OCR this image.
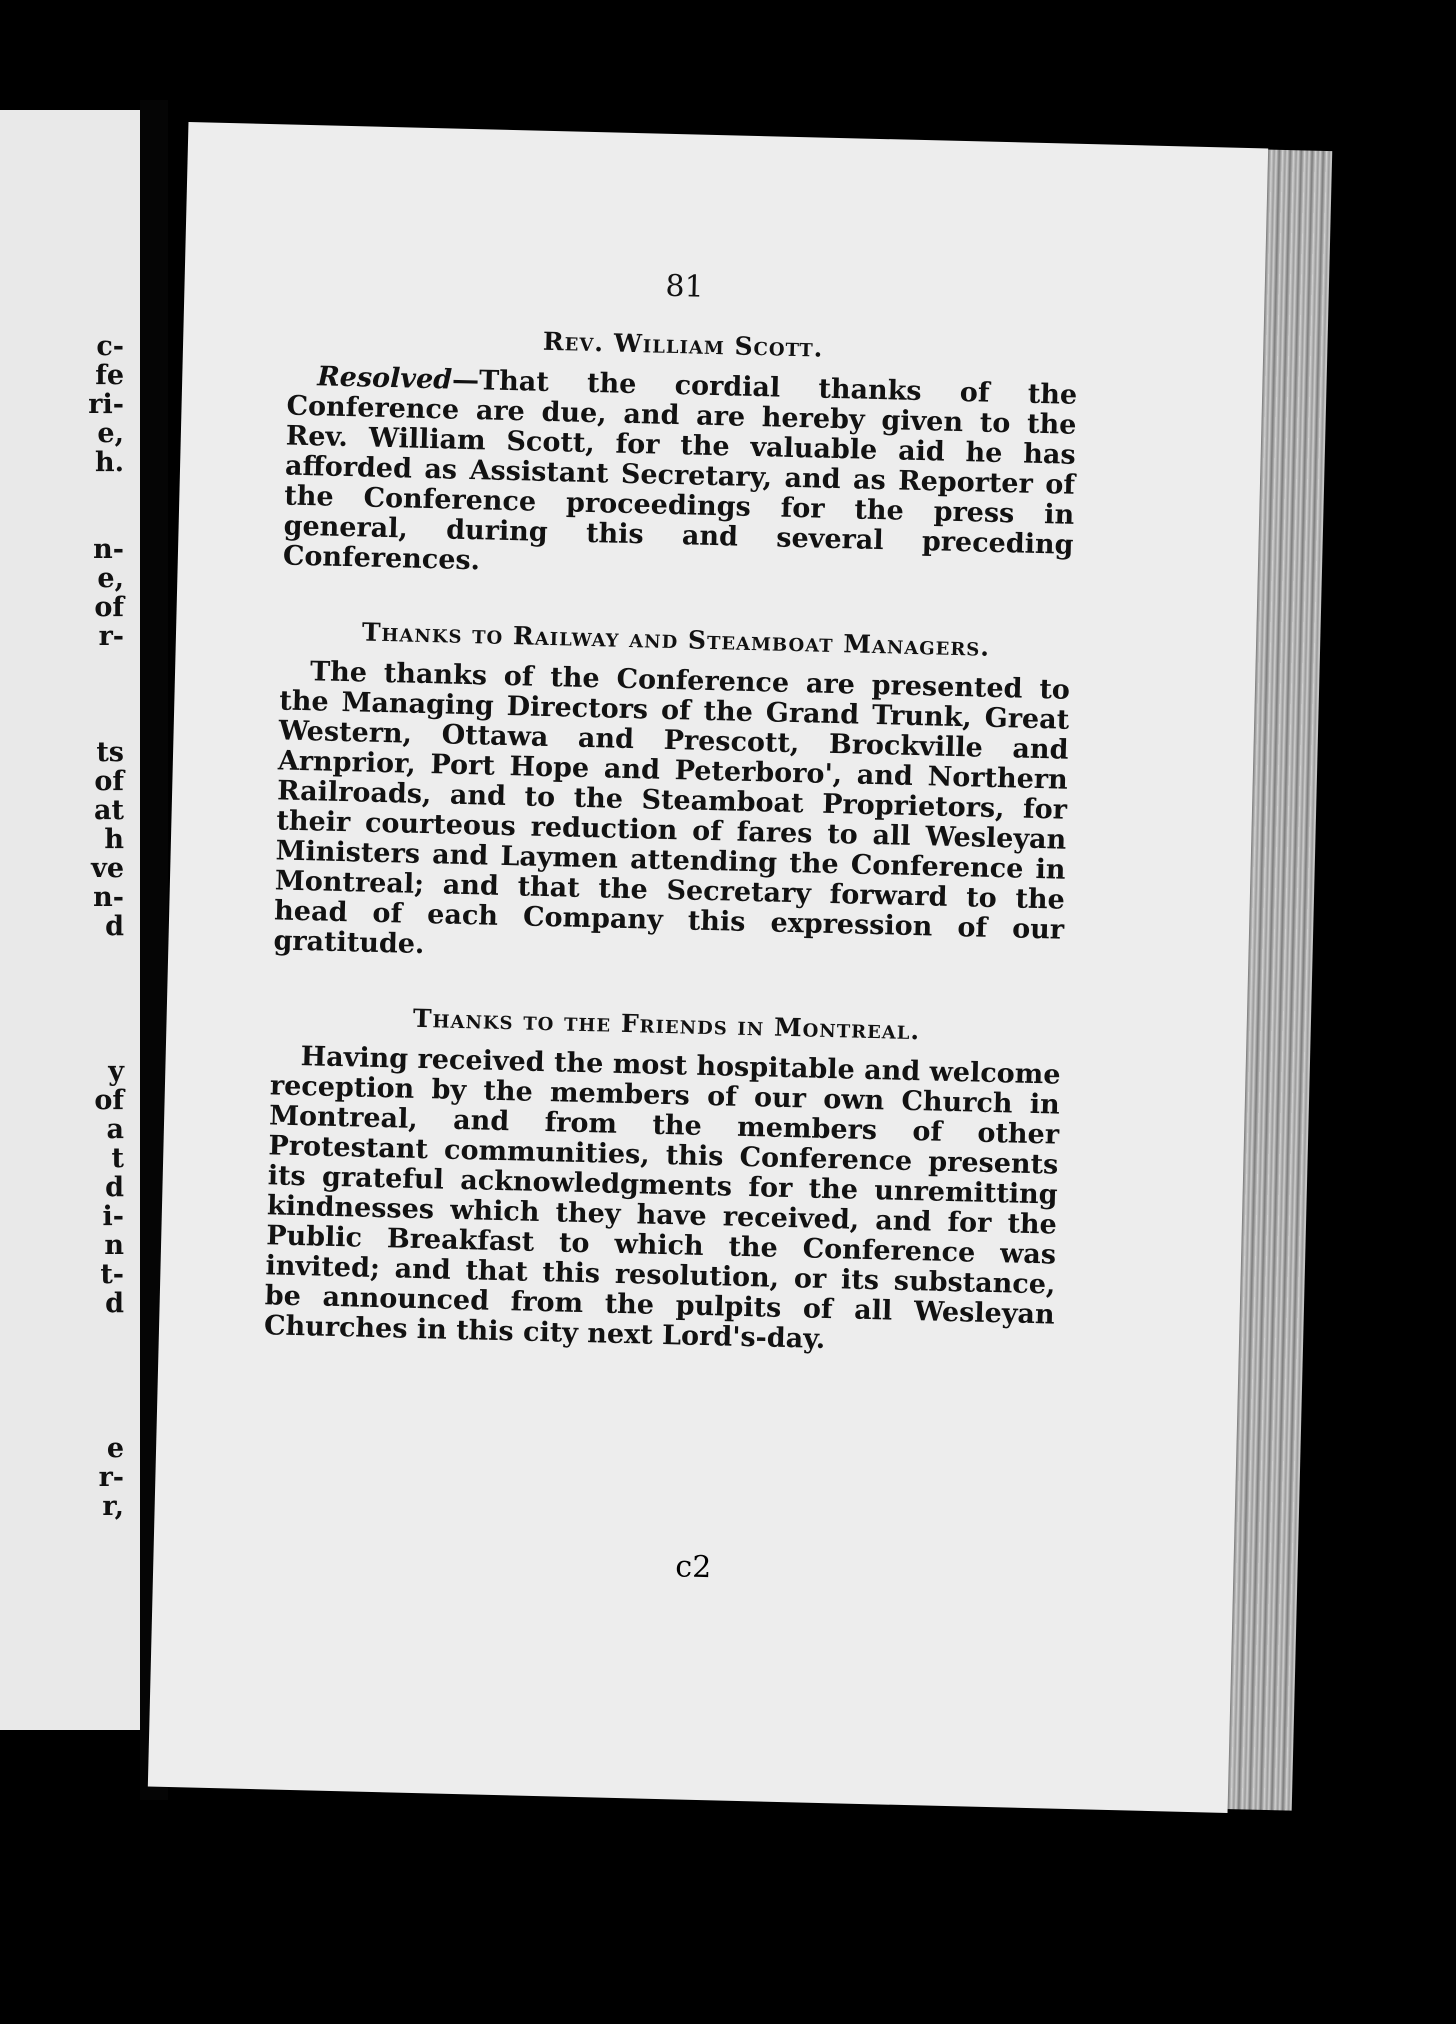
c-
fe
ri-
e,
h.
n-
e,
of
r-
ts
of
at
h
ve
n-
d
y
of
a
t
d
i-
n
t-
d
e
r-
r,
81
Rev. William Scott.

Resolved—That the cordial thanks of the Conference are due, and are hereby given to the Rev. William Scott, for the valuable aid he has afforded as Assistant Secretary, and as Reporter of the Conference proceedings for the press in general, during this and several preceding Conferences.

Thanks to Railway and Steamboat Managers.

The thanks of the Conference are presented to the Managing Directors of the Grand Trunk, Great Western, Ottawa and Prescott, Brockville and Arnprior, Port Hope and Peterboro', and Northern Railroads, and to the Steamboat Proprietors, for their courteous reduction of fares to all Wesleyan Ministers and Laymen attending the Conference in Montreal; and that the Secretary forward to the head of each Company this expression of our gratitude.

Thanks to the Friends in Montreal.

Having received the most hospitable and welcome reception by the members of our own Church in Montreal, and from the members of other Protestant communities, this Conference presents its grateful acknowledgments for the unremitting kindnesses which they have received, and for the Public Breakfast to which the Conference was invited; and that this resolution, or its substance, be announced from the pulpits of all Wesleyan Churches in this city next Lord's-day.

c2
